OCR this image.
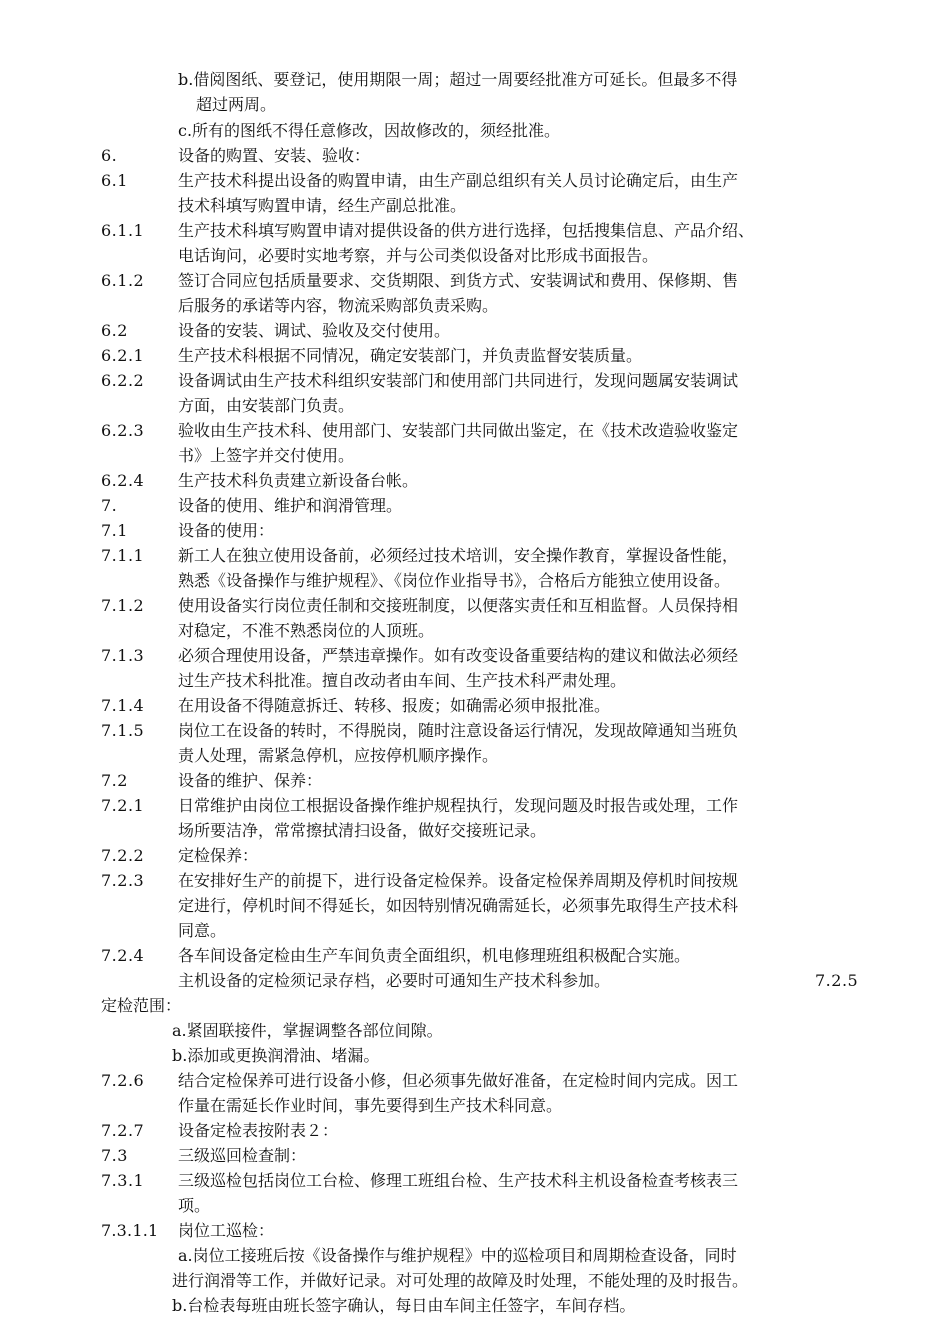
b.借阅图纸、要登记，使用期限一周；超过一周要经批准方可延长。但最多不得
超过两周。
c.所有的图纸不得任意修改，因故修改的，须经批准。
6.	设备的购置、安装、验收：
6.1	生产技术科提出设备的购置申请，由生产副总组织有关人员讨论确定后，由生产
技术科填写购置申请，经生产副总批准。
6.1.1 生产技术科填写购置申请对提供设备的供方进行选择，包括搜集信息、产品介绍、
电话询问，必要时实地考察，并与公司类似设备对比形成书面报告。
6.1.2 签订合同应包括质量要求、交货期限、到货方式、安装调试和费用、保修期、售
后服务的承诺等内容，物流采购部负责采购。
6.2	设备的安装、调试、验收及交付使用。
6.2.1 生产技术科根据不同情况，确定安装部门，并负责监督安装质量。
6.2.2 设备调试由生产技术科组织安装部门和使用部门共同进行，发现问题属安装调试
方面，由安装部门负责。
6.2.3 验收由生产技术科、使用部门、安装部门共同做出鉴定，在《技术改造验收鉴定
书》上签字并交付使用。
6.2.4 生产技术科负责建立新设备台帐。
7.	设备的使用、维护和润滑管理。
7.1	设备的使用：
7.1.1 新工人在独立使用设备前，必须经过技术培训，安全操作教育，掌握设备性能，
熟悉《设备操作与维护规程》、《岗位作业指导书》，合格后方能独立使用设备。
7.1.2 使用设备实行岗位责任制和交接班制度，以便落实责任和互相监督。人员保持相
对稳定，不准不熟悉岗位的人顶班。
7.1.3 必须合理使用设备，严禁违章操作。如有改变设备重要结构的建议和做法必须经
过生产技术科批准。擅自改动者由车间、生产技术科严肃处理。
7.1.4 在用设备不得随意拆迁、转移、报废；如确需必须申报批准。
7.1.5 岗位工在设备的转时，不得脱岗，随时注意设备运行情况，发现故障通知当班负
责人处理，需紧急停机，应按停机顺序操作。
7.2	设备的维护、保养：
7.2.1 日常维护由岗位工根据设备操作维护规程执行，发现问题及时报告或处理，工作
场所要洁净，常常擦拭清扫设备，做好交接班记录。
7.2.2 定检保养：
7.2.3 在安排好生产的前提下，进行设备定检保养。设备定检保养周期及停机时间按规
定进行，停机时间不得延长，如因特别情况确需延长，必须事先取得生产技术科
同意。
7.2.4 各车间设备定检由生产车间负责全面组织，机电修理班组积极配合实施。
主机设备的定检须记录存档，必要时可通知生产技术科参加。	7.2.5
定检范围：
a.紧固联接件，掌握调整各部位间隙。
b.添加或更换润滑油、堵漏。
7.2.6 结合定检保养可进行设备小修，但必须事先做好准备，在定检时间内完成。因工
作量在需延长作业时间，事先要得到生产技术科同意。
7.2.7 设备定检表按附表２：
7.3	三级巡回检查制：
7.3.1 三级巡检包括岗位工台检、修理工班组台检、生产技术科主机设备检查考核表三
项。
7.3.1.1 岗位工巡检：
a.岗位工接班后按《设备操作与维护规程》中的巡检项目和周期检查设备，同时
进行润滑等工作，并做好记录。对可处理的故障及时处理，不能处理的及时报告。
b.台检表每班由班长签字确认，每日由车间主任签字，车间存档。
